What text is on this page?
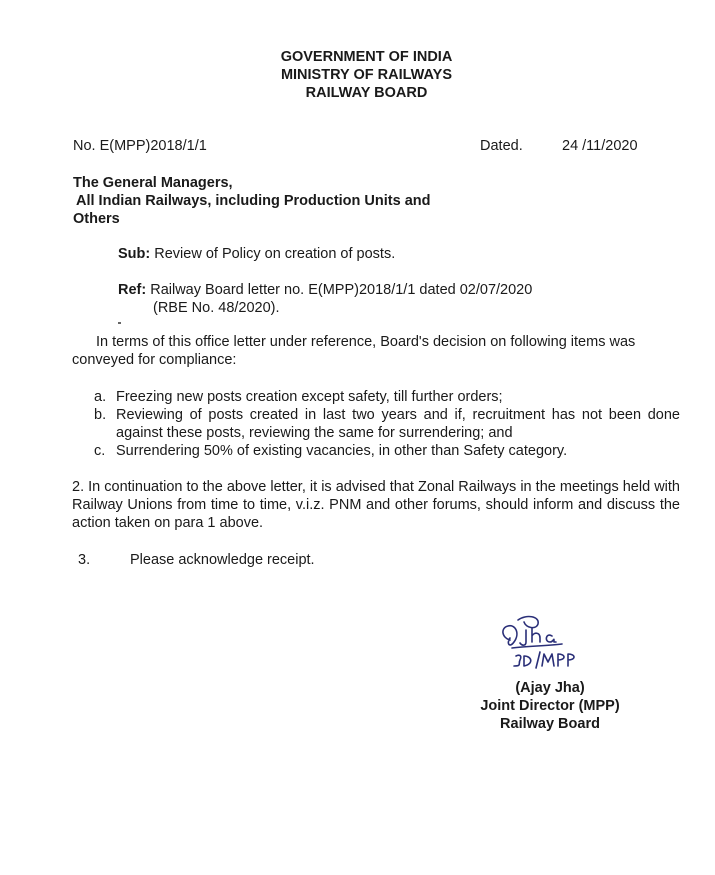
GOVERNMENT OF INDIA
MINISTRY OF RAILWAYS
RAILWAY BOARD
No. E(MPP)2018/1/1	Dated.	24 /11/2020
The General Managers,
All Indian Railways, including Production Units and
Others
Sub: Review of Policy on creation of posts.
Ref: Railway Board letter no. E(MPP)2018/1/1 dated 02/07/2020
(RBE No. 48/2020).
In terms of this office letter under reference, Board's decision on following items was
conveyed for compliance:
a. Freezing new posts creation except safety, till further orders;
b. Reviewing of posts created in last two years and if, recruitment has not been done against these posts, reviewing the same for surrendering; and
c. Surrendering 50% of existing vacancies, in other than Safety category.
2. In continuation to the above letter, it is advised that Zonal Railways in the meetings held with Railway Unions from time to time, v.i.z. PNM and other forums, should inform and discuss the action taken on para 1 above.
3.	Please acknowledge receipt.
(Ajay Jha)
Joint Director (MPP)
Railway Board
